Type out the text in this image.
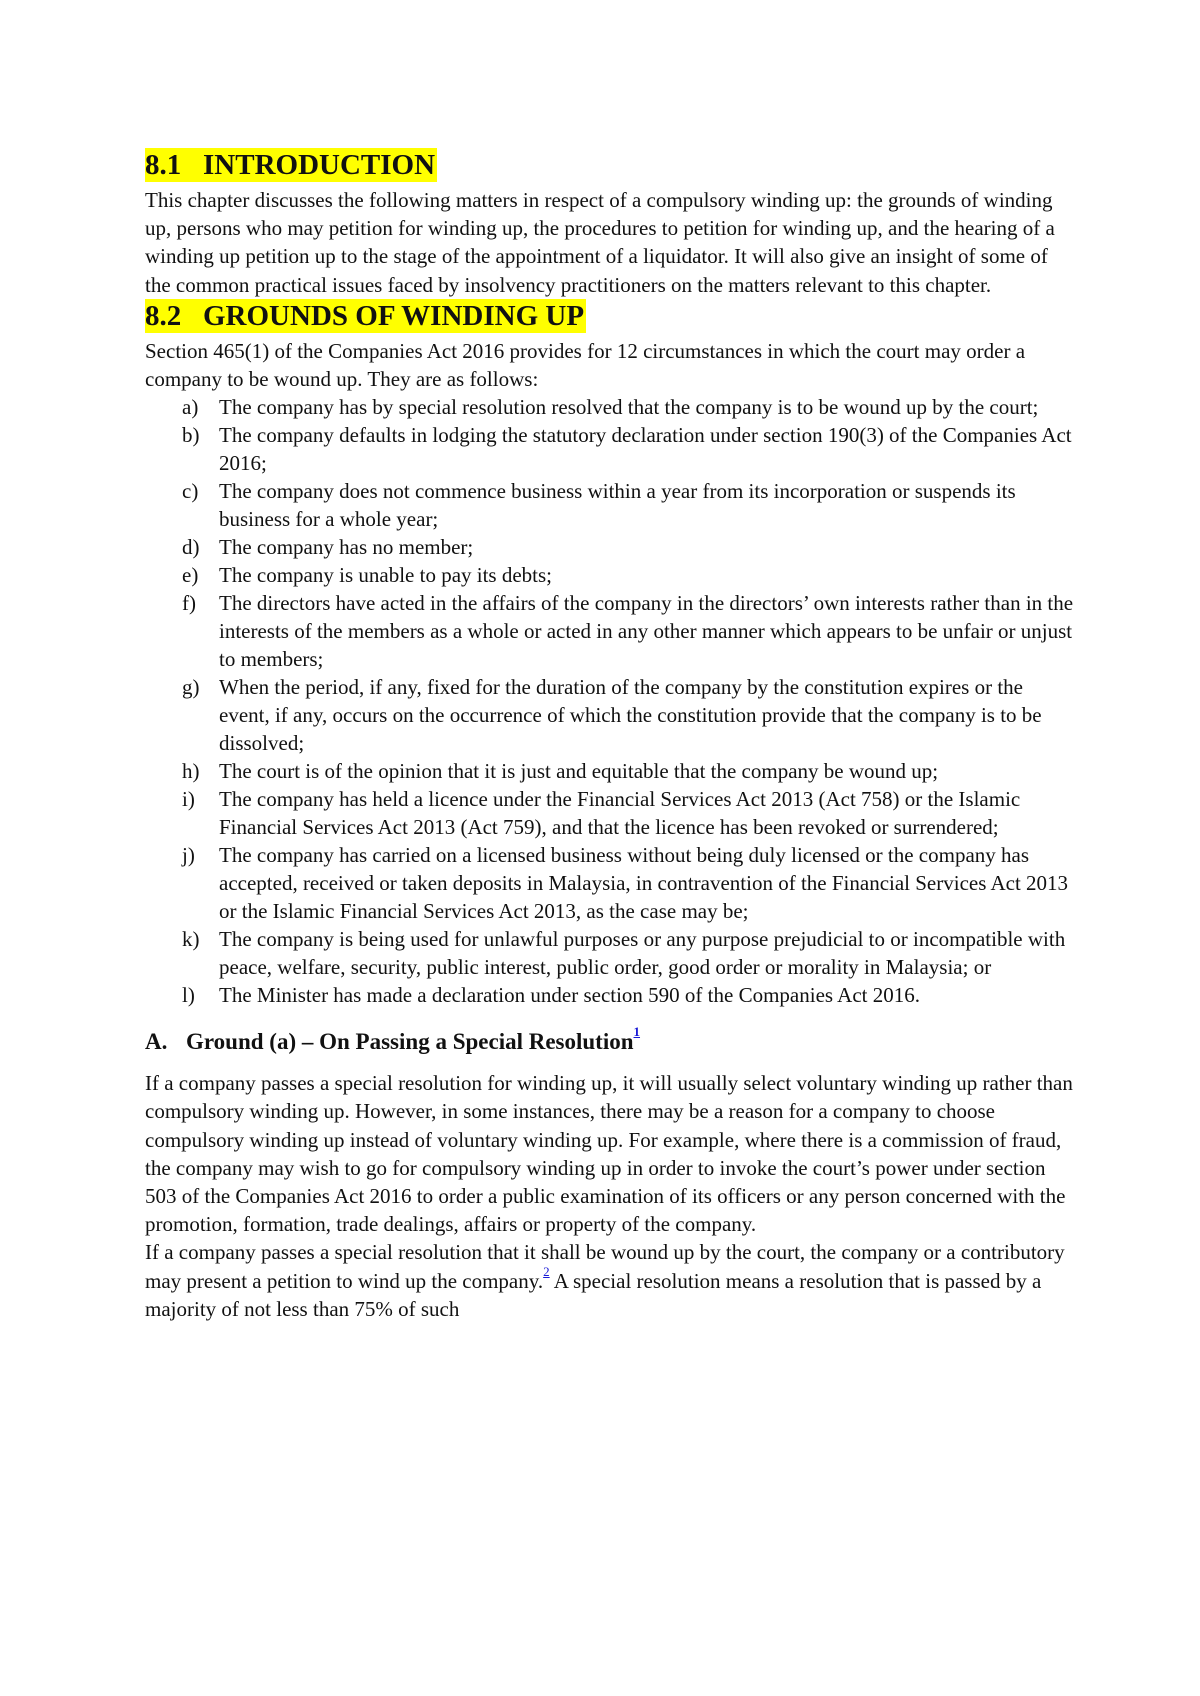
8.1 INTRODUCTION

This chapter discusses the following matters in respect of a compulsory winding up: the grounds of winding up, persons who may petition for winding up, the procedures to petition for winding up, and the hearing of a winding up petition up to the stage of the appointment of a liquidator. It will also give an insight of some of the common practical issues faced by insolvency practitioners on the matters relevant to this chapter.

8.2 GROUNDS OF WINDING UP

Section 465(1) of the Companies Act 2016 provides for 12 circumstances in which the court may order a company to be wound up. They are as follows:

a) The company has by special resolution resolved that the company is to be wound up by the court;
b) The company defaults in lodging the statutory declaration under section 190(3) of the Companies Act 2016;
c) The company does not commence business within a year from its incorporation or suspends its business for a whole year;
d) The company has no member;
e) The company is unable to pay its debts;
f) The directors have acted in the affairs of the company in the directors’ own interests rather than in the interests of the members as a whole or acted in any other manner which appears to be unfair or unjust to members;
g) When the period, if any, fixed for the duration of the company by the constitution expires or the event, if any, occurs on the occurrence of which the constitution provide that the company is to be dissolved;
h) The court is of the opinion that it is just and equitable that the company be wound up;
i) The company has held a licence under the Financial Services Act 2013 (Act 758) or the Islamic Financial Services Act 2013 (Act 759), and that the licence has been revoked or surrendered;
j) The company has carried on a licensed business without being duly licensed or the company has accepted, received or taken deposits in Malaysia, in contravention of the Financial Services Act 2013 or the Islamic Financial Services Act 2013, as the case may be;
k) The company is being used for unlawful purposes or any purpose prejudicial to or incompatible with peace, welfare, security, public interest, public order, good order or morality in Malaysia; or
l) The Minister has made a declaration under section 590 of the Companies Act 2016.
A. Ground (a) – On Passing a Special Resolution$^1$

If a company passes a special resolution for winding up, it will usually select voluntary winding up rather than compulsory winding up. However, in some instances, there may be a reason for a company to choose compulsory winding up instead of voluntary winding up. For example, where there is a commission of fraud, the company may wish to go for compulsory winding up in order to invoke the court’s power under section 503 of the Companies Act 2016 to order a public examination of its officers or any person concerned with the promotion, formation, trade dealings, affairs or property of the company.

If a company passes a special resolution that it shall be wound up by the court, the company or a contributory may present a petition to wind up the company.$^2$ A special resolution means a resolution that is passed by a majority of not less than 75% of such
